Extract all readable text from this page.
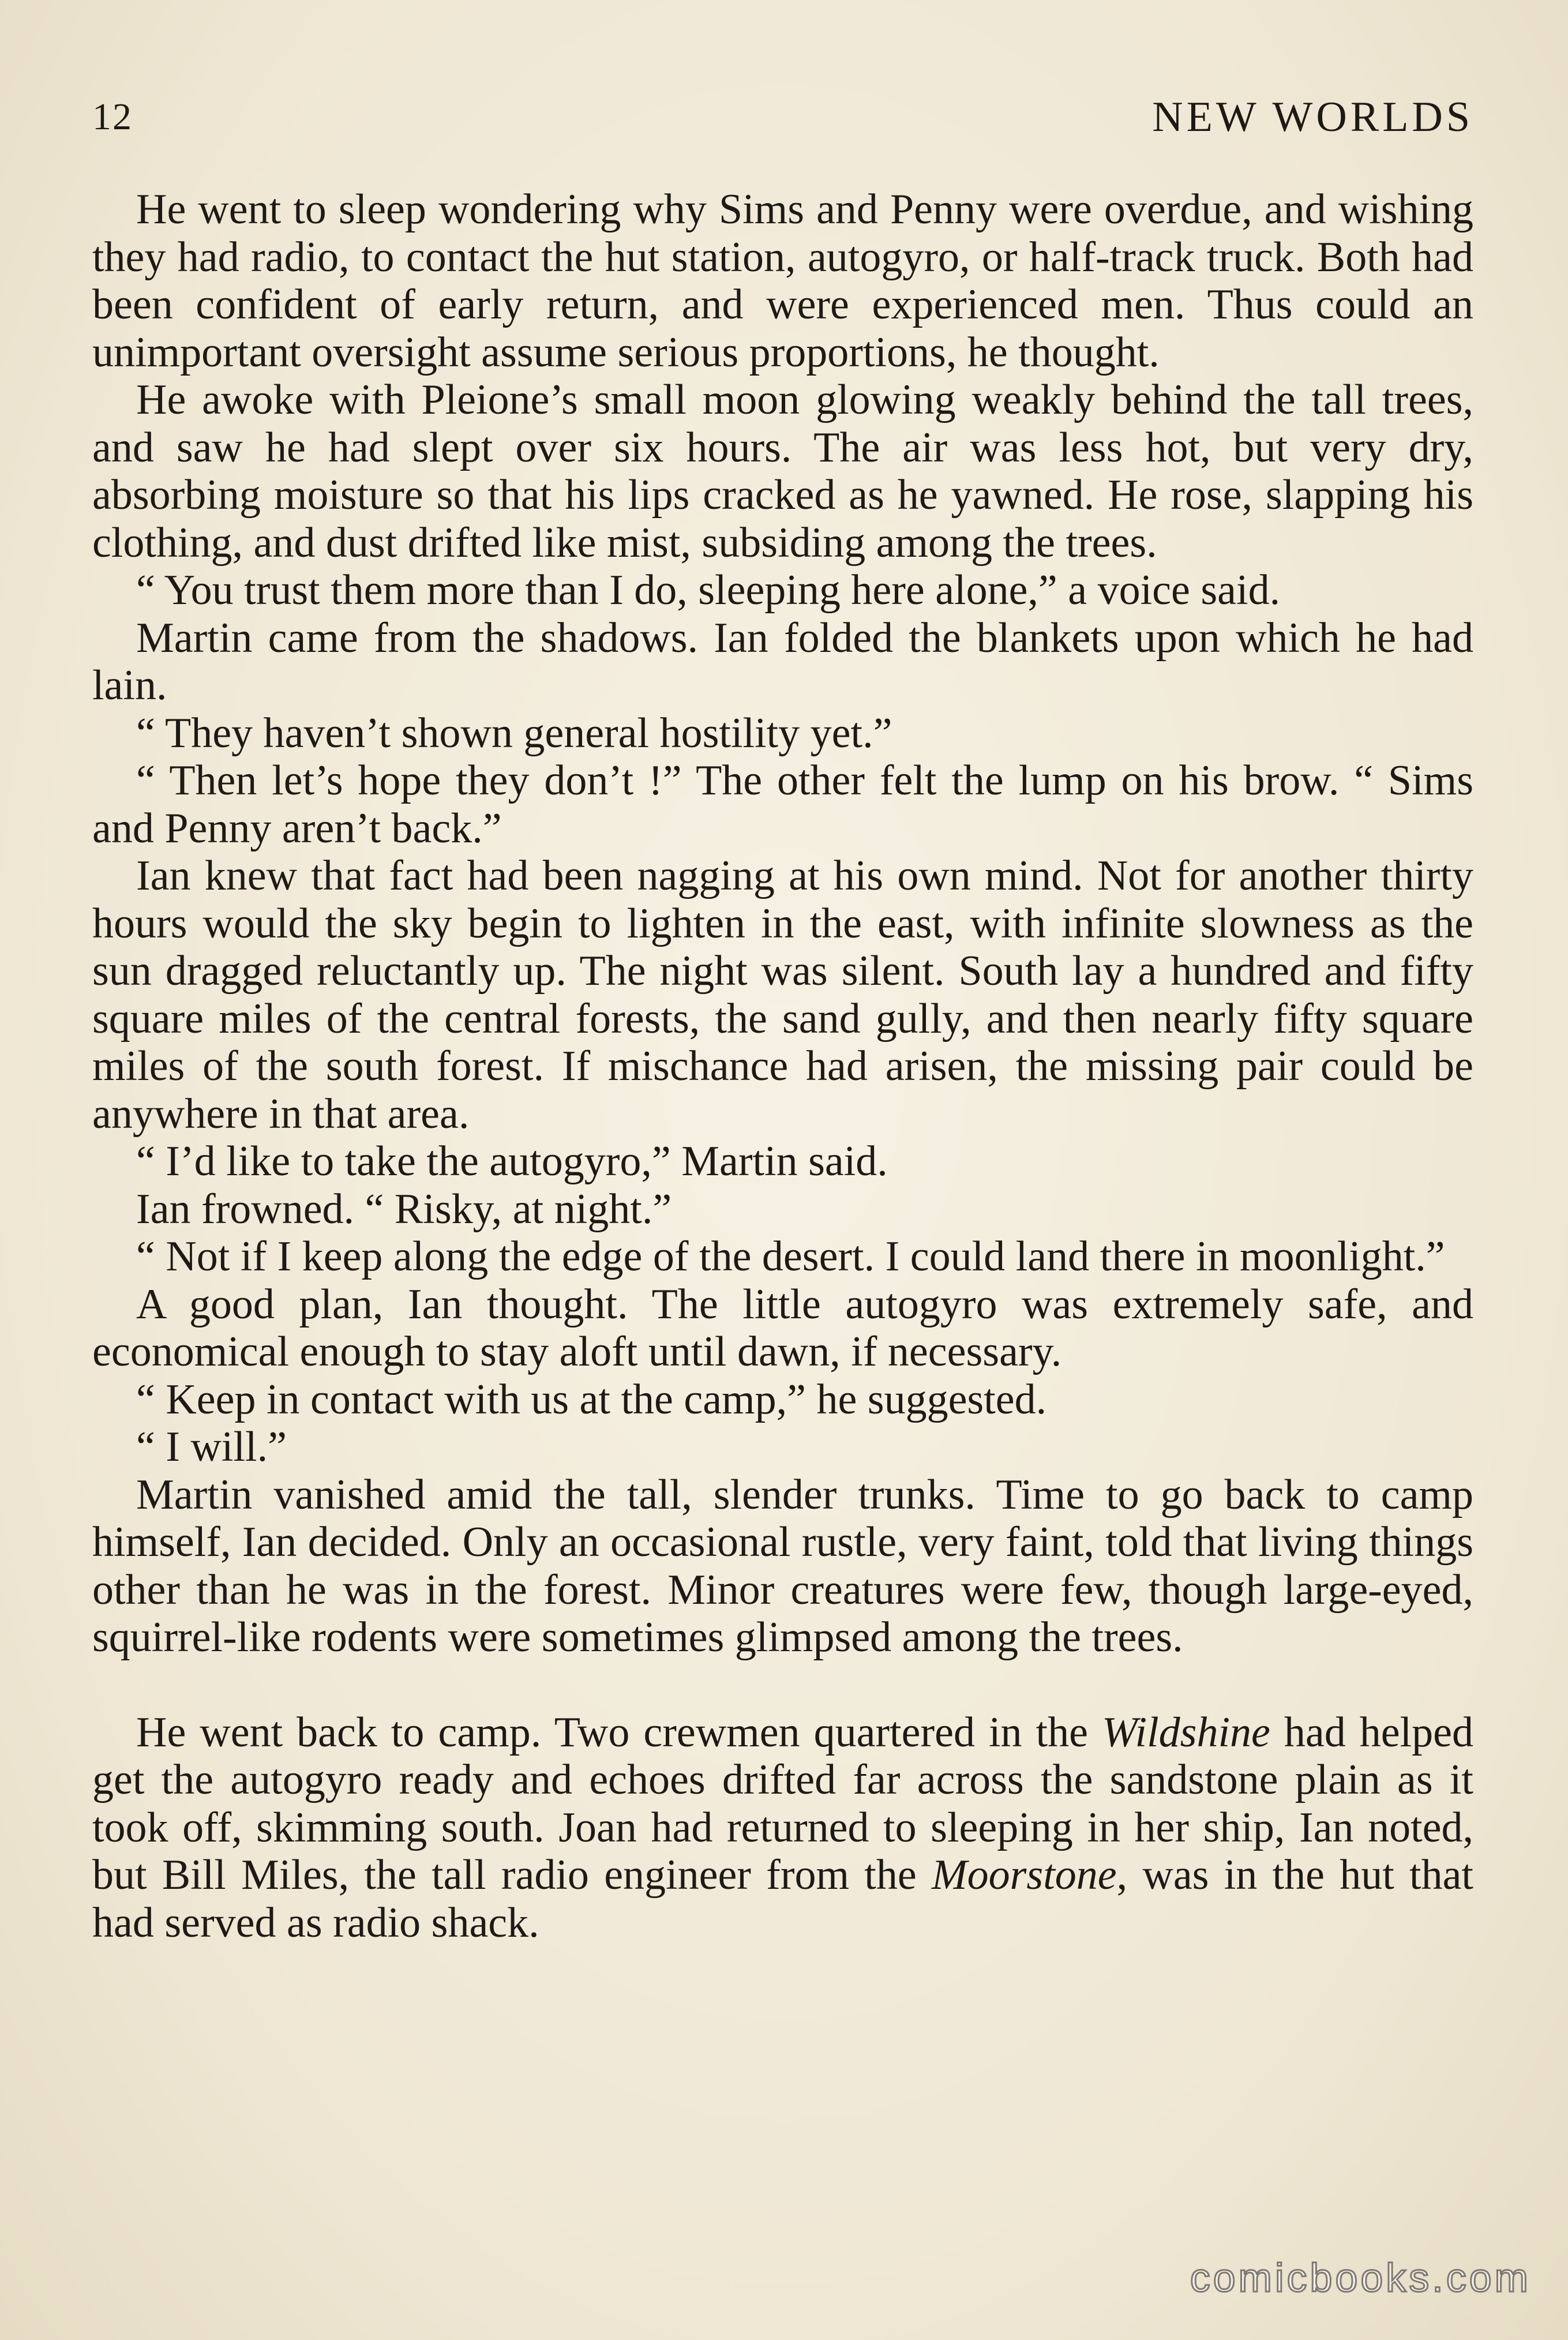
12	NEW WORLDS

He went to sleep wondering why Sims and Penny were overdue, and wishing they had radio, to contact the hut station, autogyro, or half-track truck. Both had been confident of early return, and were experienced men. Thus could an unimportant oversight assume serious proportions, he thought.

He awoke with Pleione’s small moon glowing weakly behind the tall trees, and saw he had slept over six hours. The air was less hot, but very dry, absorbing moisture so that his lips cracked as he yawned. He rose, slapping his clothing, and dust drifted like mist, subsiding among the trees.

“ You trust them more than I do, sleeping here alone,” a voice said.

Martin came from the shadows. Ian folded the blankets upon which he had lain.

“ They haven’t shown general hostility yet.”

“ Then let’s hope they don’t !” The other felt the lump on his brow. “ Sims and Penny aren’t back.”

Ian knew that fact had been nagging at his own mind. Not for another thirty hours would the sky begin to lighten in the east, with infinite slowness as the sun dragged reluctantly up. The night was silent. South lay a hundred and fifty square miles of the central forests, the sand gully, and then nearly fifty square miles of the south forest. If mischance had arisen, the missing pair could be anywhere in that area.

“ I’d like to take the autogyro,” Martin said.

Ian frowned. “ Risky, at night.”

“ Not if I keep along the edge of the desert. I could land there in moonlight.”

A good plan, Ian thought. The little autogyro was extremely safe, and economical enough to stay aloft until dawn, if necessary.

“ Keep in contact with us at the camp,” he suggested.

“ I will.”

Martin vanished amid the tall, slender trunks. Time to go back to camp himself, Ian decided. Only an occasional rustle, very faint, told that living things other than he was in the forest. Minor creatures were few, though large-eyed, squirrel-like rodents were sometimes glimpsed among the trees.

He went back to camp. Two crewmen quartered in the Wildshine had helped get the autogyro ready and echoes drifted far across the sandstone plain as it took off, skimming south. Joan had returned to sleeping in her ship, Ian noted, but Bill Miles, the tall radio engineer from the Moorstone, was in the hut that had served as radio shack.

comicbooks.com
